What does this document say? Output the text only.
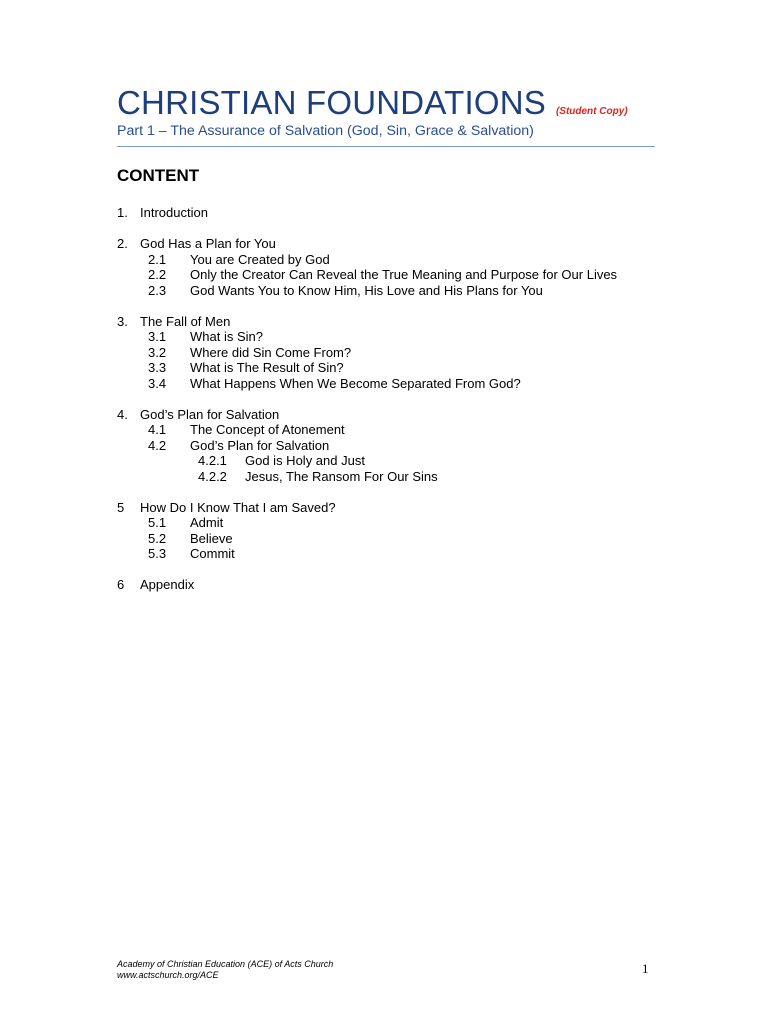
CHRISTIAN FOUNDATIONS (Student Copy)
Part 1 – The Assurance of Salvation (God, Sin, Grace & Salvation)
CONTENT
1. Introduction
2. God Has a Plan for You
2.1	You are Created by God
2.2	Only the Creator Can Reveal the True Meaning and Purpose for Our Lives
2.3	God Wants You to Know Him, His Love and His Plans for You
3. The Fall of Men
3.1	What is Sin?
3.2	Where did Sin Come From?
3.3	What is The Result of Sin?
3.4	What Happens When We Become Separated From God?
4. God’s Plan for Salvation
4.1	The Concept of Atonement
4.2	God’s Plan for Salvation
4.2.1	God is Holy and Just
4.2.2	Jesus, The Ransom For Our Sins
5	How Do I Know That I am Saved?
5.1	Admit
5.2	Believe
5.3	Commit
6	Appendix
Academy of Christian Education (ACE) of Acts Church
www.actschurch.org/ACE	1
